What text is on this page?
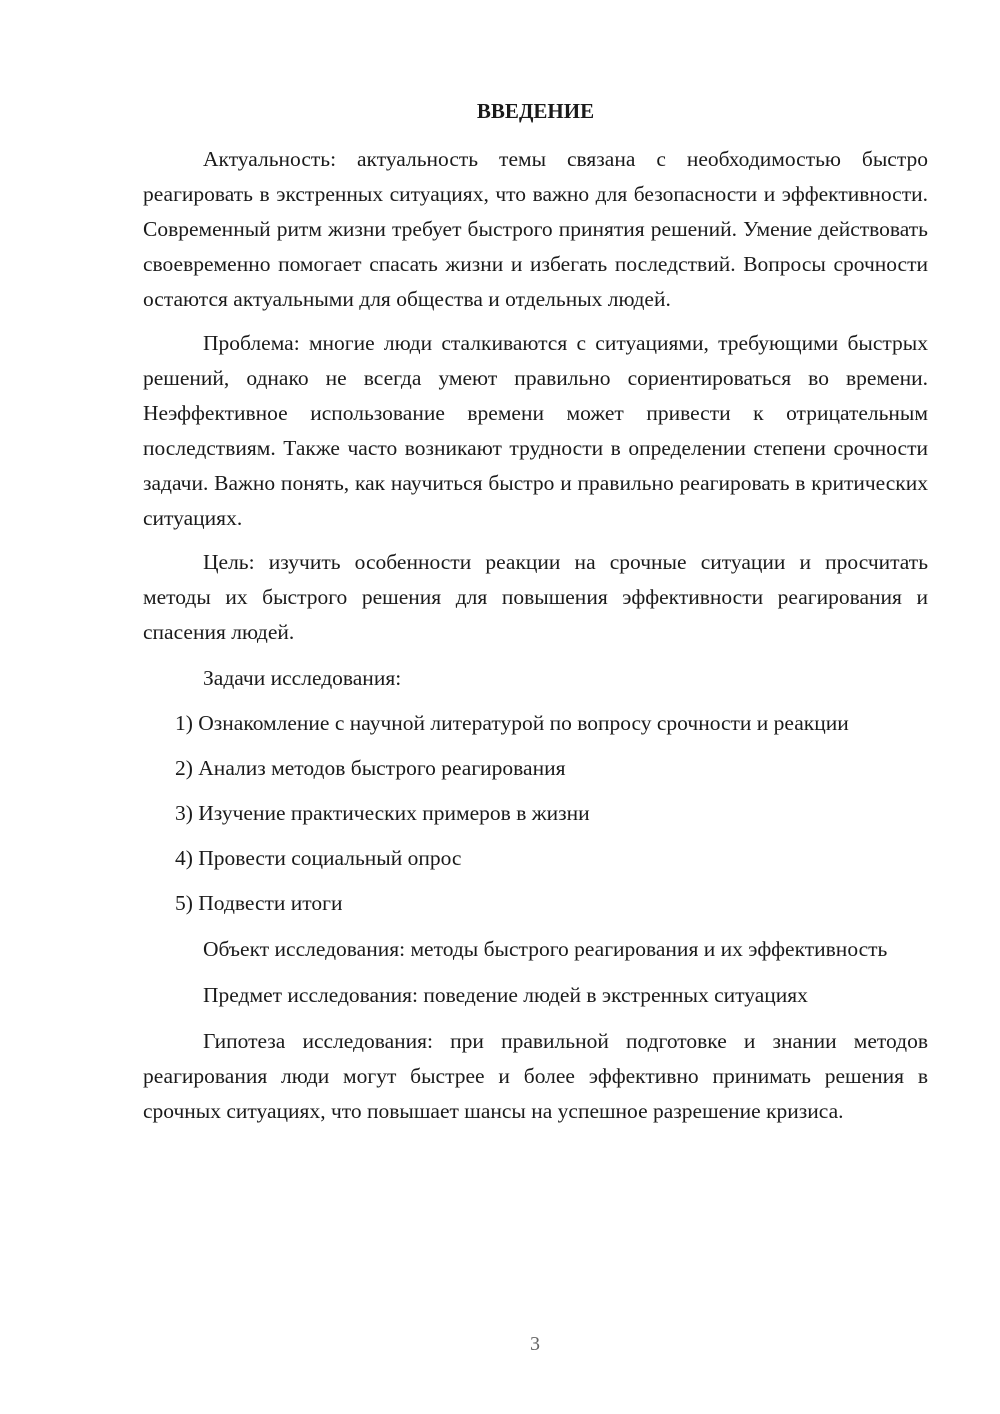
ВВЕДЕНИЕ

Актуальность: актуальность темы связана с необходимостью быстро реагировать в экстренных ситуациях, что важно для безопасности и эффективности. Современный ритм жизни требует быстрого принятия решений. Умение действовать своевременно помогает спасать жизни и избегать последствий. Вопросы срочности остаются актуальными для общества и отдельных людей.

Проблема: многие люди сталкиваются с ситуациями, требующими быстрых решений, однако не всегда умеют правильно сориентироваться во времени. Неэффективное использование времени может привести к отрицательным последствиям. Также часто возникают трудности в определении степени срочности задачи. Важно понять, как научиться быстро и правильно реагировать в критических ситуациях.

Цель: изучить особенности реакции на срочные ситуации и просчитать методы их быстрого решения для повышения эффективности реагирования и спасения людей.

Задачи исследования:

1) Ознакомление с научной литературой по вопросу срочности и реакции

2) Анализ методов быстрого реагирования

3) Изучение практических примеров в жизни

4) Провести социальный опрос

5) Подвести итоги

Объект исследования: методы быстрого реагирования и их эффективность

Предмет исследования: поведение людей в экстренных ситуациях

Гипотеза исследования: при правильной подготовке и знании методов реагирования люди могут быстрее и более эффективно принимать решения в срочных ситуациях, что повышает шансы на успешное разрешение кризиса.

3
